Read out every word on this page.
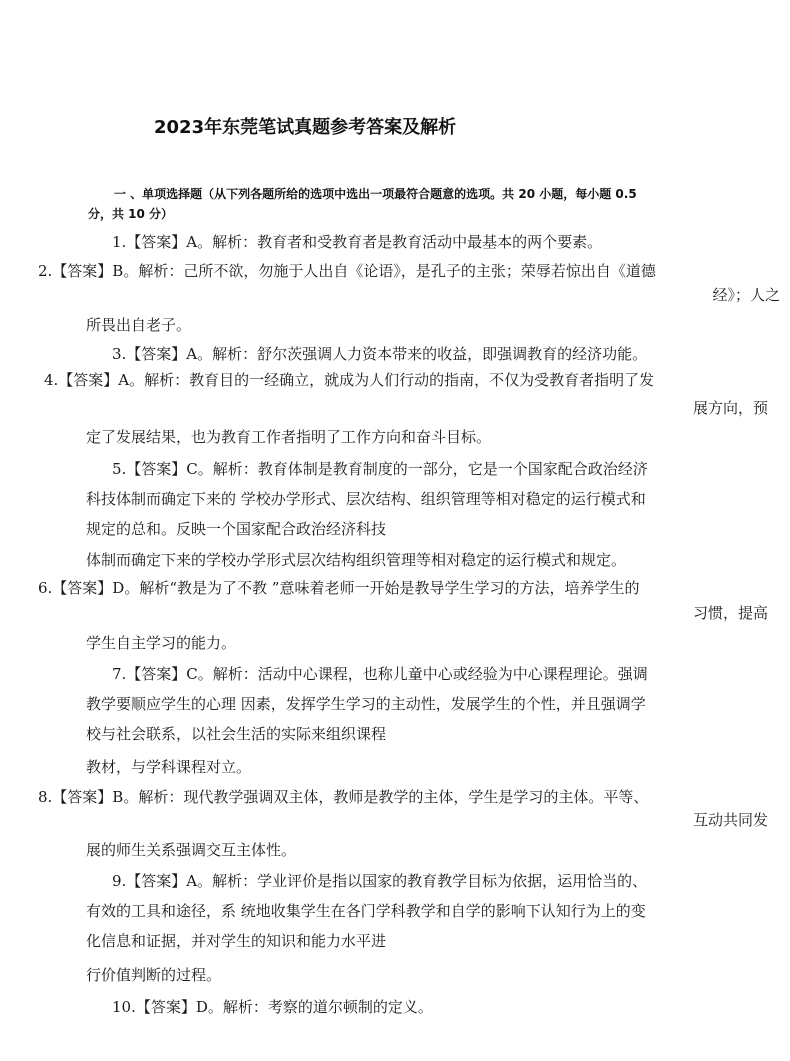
2023年东莞笔试真题参考答案及解析
一 、单项选择题（从下列各题所给的选项中选出一项最符合题意的选项。共 20 小题，每小题 0.5
分，共 10 分）
1.【答案】A。解析：教育者和受教育者是教育活动中最基本的两个要素。
2.【答案】B。解析：己所不欲，勿施于人出自《论语》，是孔子的主张；荣辱若惊出自《道德
经》；人之
所畏出自老子。
3.【答案】A。解析：舒尔茨强调人力资本带来的收益，即强调教育的经济功能。
4.【答案】A。解析：教育目的一经确立，就成为人们行动的指南，不仅为受教育者指明了发
展方向，预
定了发展结果，也为教育工作者指明了工作方向和奋斗目标。
5.【答案】C。解析：教育体制是教育制度的一部分，它是一个国家配合政治经济
科技体制而确定下来的 学校办学形式、层次结构、组织管理等相对稳定的运行模式和
规定的总和。反映一个国家配合政治经济科技
体制而确定下来的学校办学形式层次结构组织管理等相对稳定的运行模式和规定。
6.【答案】D。解析“教是为了不教 ”意味着老师一开始是教导学生学习的方法，培养学生的
习惯，提高
学生自主学习的能力。
7.【答案】C。解析：活动中心课程，也称儿童中心或经验为中心课程理论。强调
教学要顺应学生的心理 因素，发挥学生学习的主动性，发展学生的个性，并且强调学
校与社会联系，以社会生活的实际来组织课程
教材，与学科课程对立。
8.【答案】B。解析：现代教学强调双主体，教师是教学的主体，学生是学习的主体。平等、
互动共同发
展的师生关系强调交互主体性。
9.【答案】A。解析：学业评价是指以国家的教育教学目标为依据，运用恰当的、
有效的工具和途径，系 统地收集学生在各门学科教学和自学的影响下认知行为上的变
化信息和证据，并对学生的知识和能力水平进
行价值判断的过程。
10.【答案】D。解析：考察的道尔顿制的定义。
